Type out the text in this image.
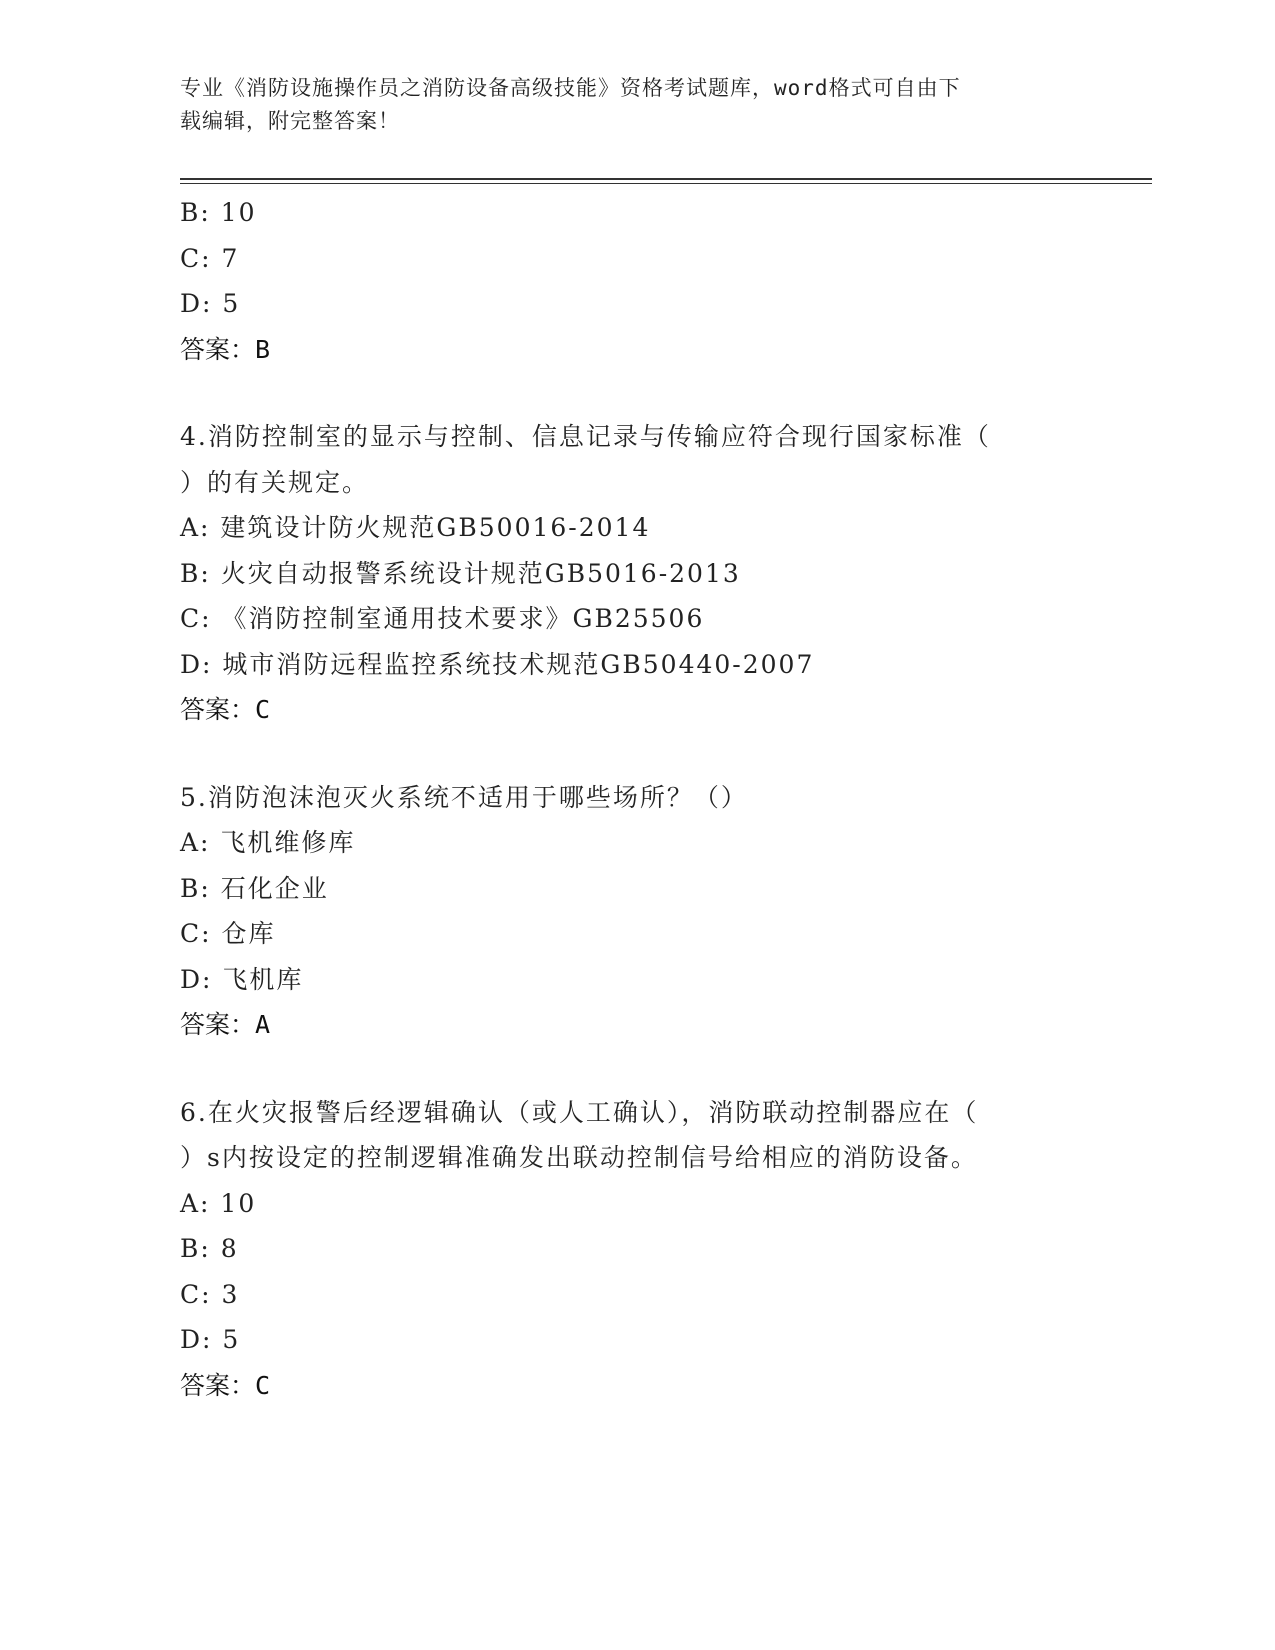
专业《消防设施操作员之消防设备高级技能》资格考试题库，word格式可自由下
载编辑，附完整答案！
B: 10
C: 7
D: 5
答案：B
4.消防控制室的显示与控制、信息记录与传输应符合现行国家标准（
）的有关规定。
A: 建筑设计防火规范GB50016-2014
B: 火灾自动报警系统设计规范GB5016-2013
C: 《消防控制室通用技术要求》GB25506
D: 城市消防远程监控系统技术规范GB50440-2007
答案：C
5.消防泡沫泡灭火系统不适用于哪些场所？（）
A: 飞机维修库
B: 石化企业
C: 仓库
D: 飞机库
答案：A
6.在火灾报警后经逻辑确认（或人工确认），消防联动控制器应在（
）s内按设定的控制逻辑准确发出联动控制信号给相应的消防设备。
A: 10
B: 8
C: 3
D: 5
答案：C
